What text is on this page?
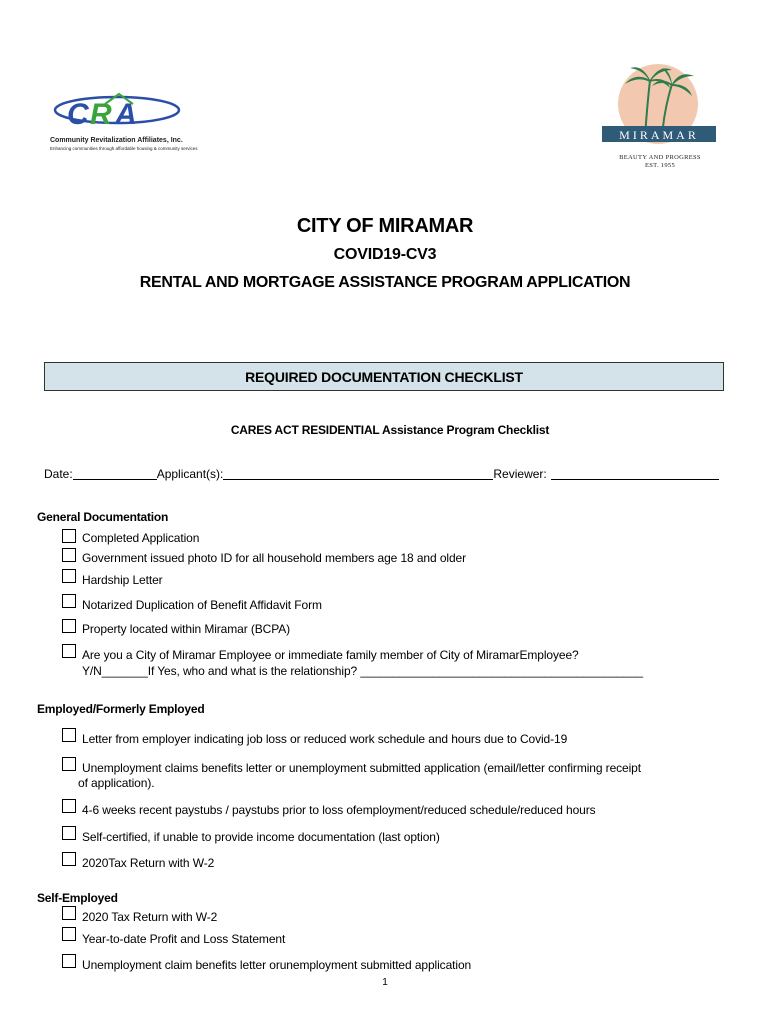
C R A
Community Revitalization Affiliates, Inc.
Enhancing communities through affordable housing & community services
MIRAMAR
BEAUTY AND PROGRESS
EST. 1955
CITY OF MIRAMAR
COVID19-CV3
RENTAL AND MORTGAGE ASSISTANCE PROGRAM APPLICATION
REQUIRED DOCUMENTATION CHECKLIST
CARES ACT RESIDENTIAL Assistance Program Checklist
Date:	Applicant(s):	Reviewer:
General Documentation
Completed Application
Government issued photo ID for all household members age 18 and older
Hardship Letter
Notarized Duplication of Benefit Affidavit Form
Property located within Miramar (BCPA)
Are you a City of Miramar Employee or immediate family member of City of MiramarEmployee?
Y/N_______If Yes, who and what is the relationship? ___________________________________________
Employed/Formerly Employed
Letter from employer indicating job loss or reduced work schedule and hours due to Covid-19
Unemployment claims benefits letter or unemployment submitted application (email/letter confirming receipt
of application).
4-6 weeks recent paystubs / paystubs prior to loss ofemployment/reduced schedule/reduced hours
Self-certified, if unable to provide income documentation (last option)
2020Tax Return with W-2
Self-Employed
2020 Tax Return with W-2
Year-to-date Profit and Loss Statement
Unemployment claim benefits letter orunemployment submitted application
1
